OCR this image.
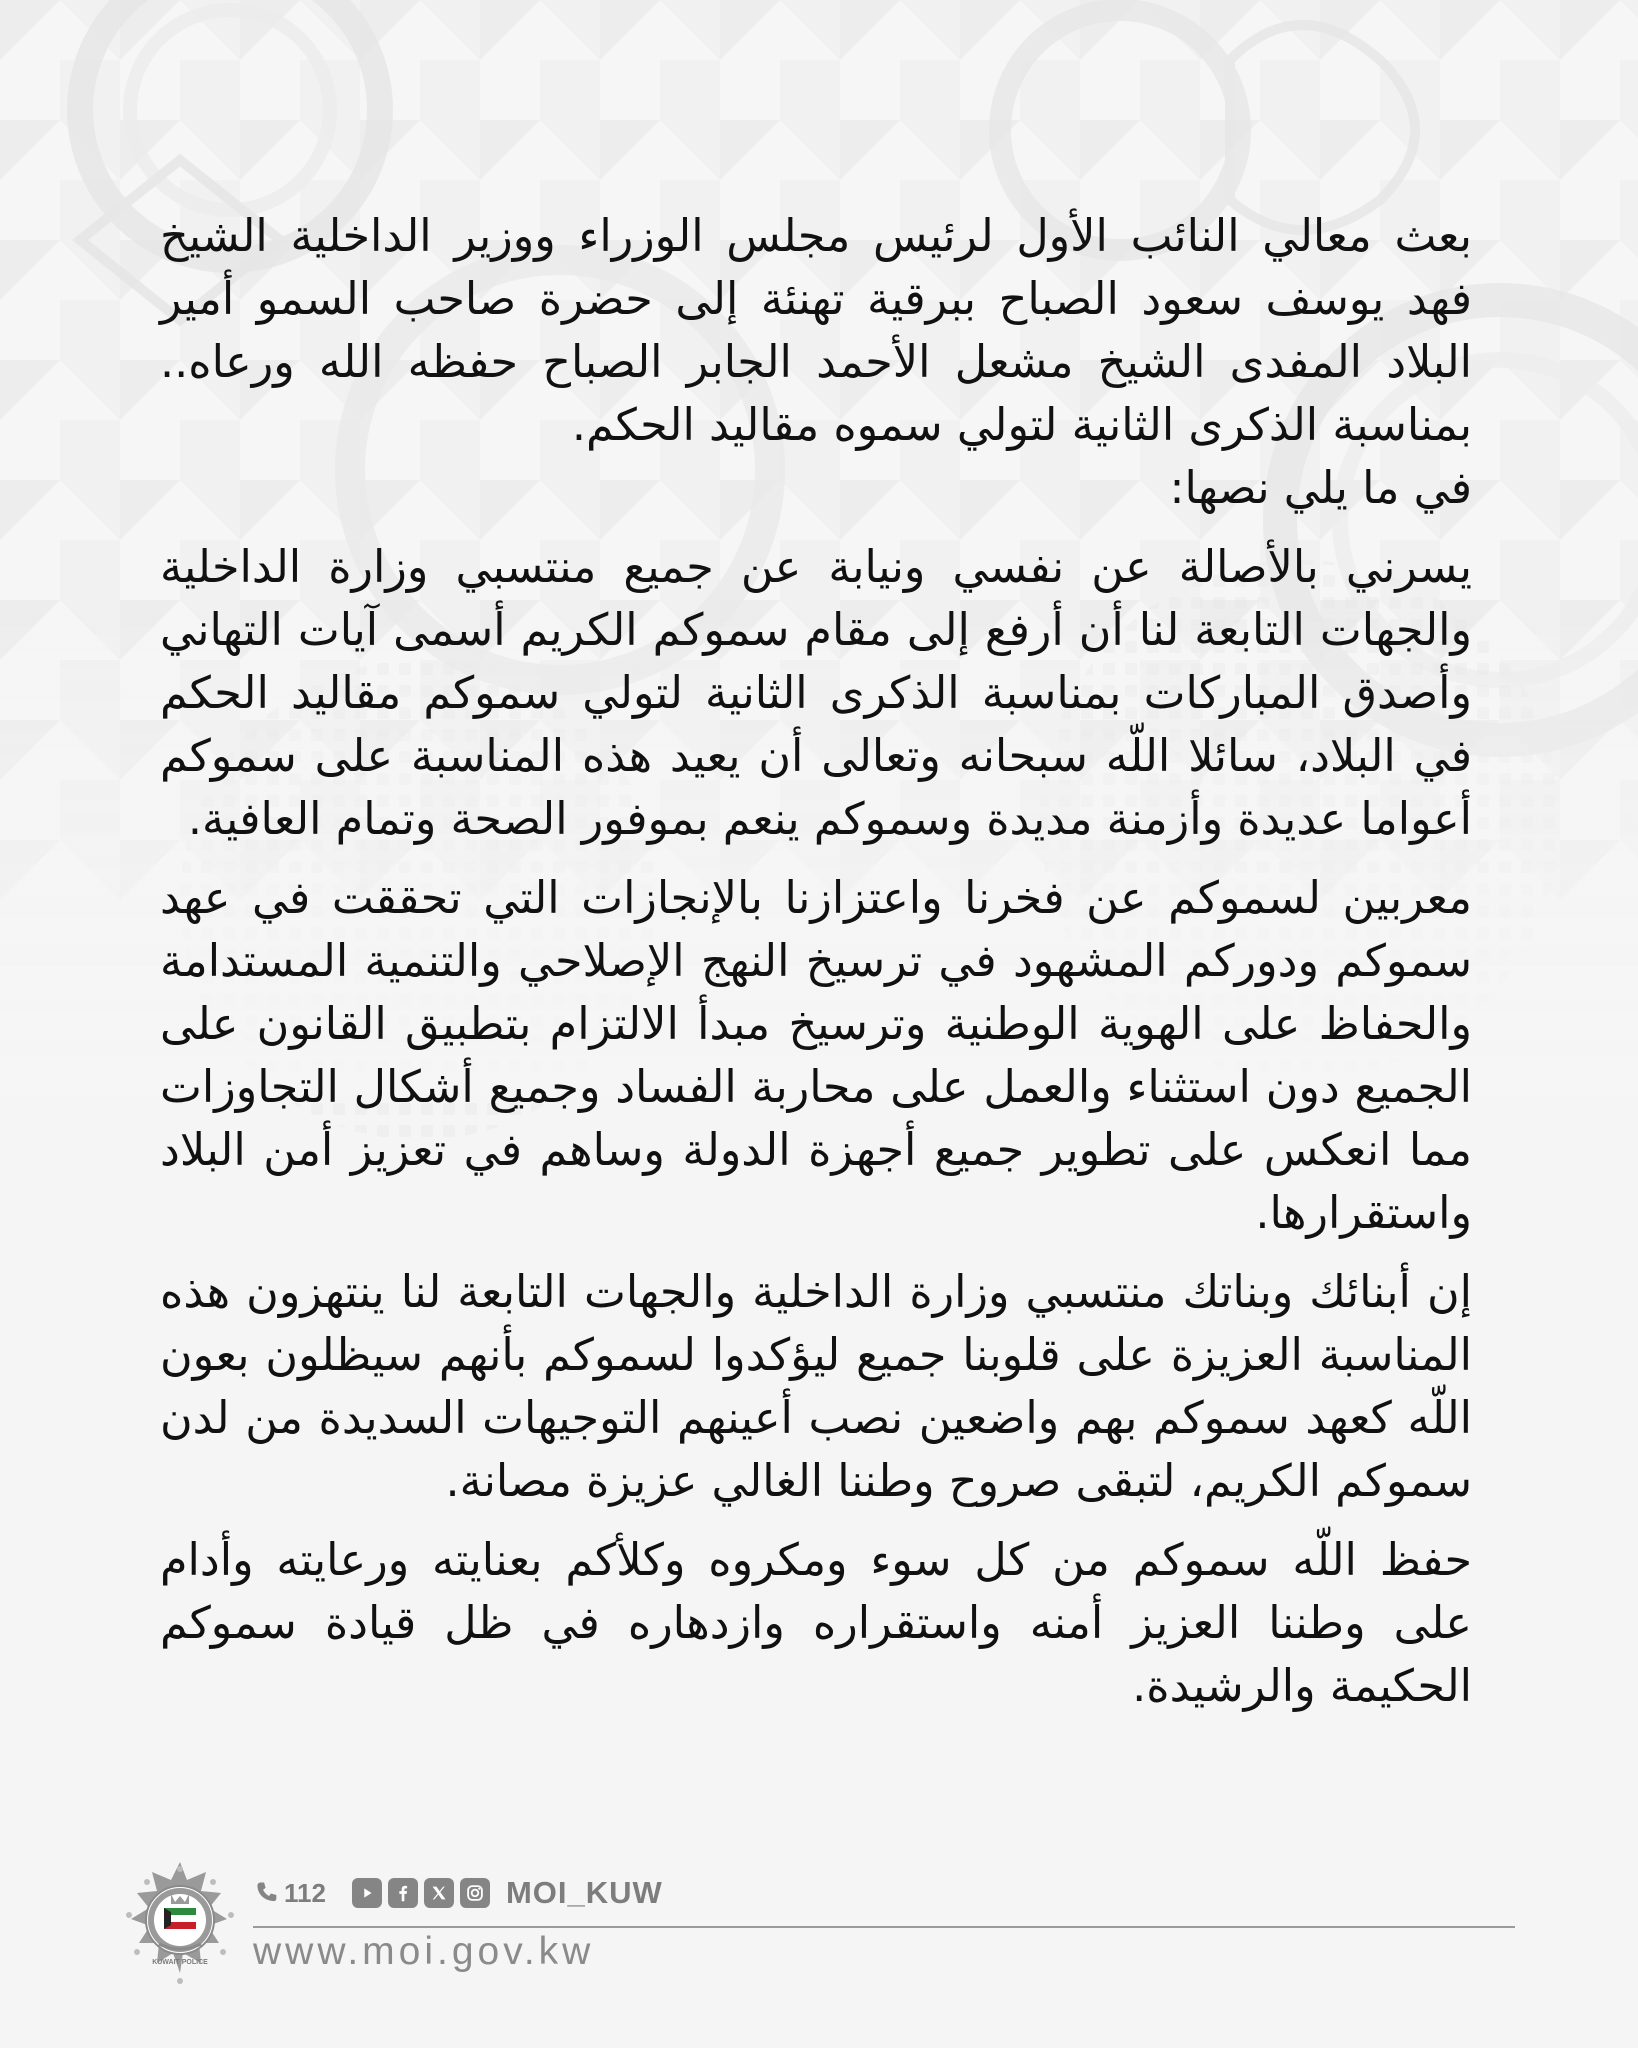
بعث معالي النائب الأول لرئيس مجلس الوزراء ووزير الداخلية الشيخ فهد يوسف سعود الصباح ببرقية تهنئة إلى حضرة صاحب السمو أمير البلاد المفدى الشيخ مشعل الأحمد الجابر الصباح حفظه الله ورعاه.. بمناسبة الذكرى الثانية لتولي سموه مقاليد الحكم.

في ما يلي نصها:

يسرني بالأصالة عن نفسي ونيابة عن جميع منتسبي وزارة الداخلية والجهات التابعة لنا أن أرفع إلى مقام سموكم الكريم أسمى آيات التهاني وأصدق المباركات بمناسبة الذكرى الثانية لتولي سموكم مقاليد الحكم في البلاد، سائلا اللّه سبحانه وتعالى أن يعيد هذه المناسبة على سموكم أعواما عديدة وأزمنة مديدة وسموكم ينعم بموفور الصحة وتمام العافية.

معربين لسموكم عن فخرنا واعتزازنا بالإنجازات التي تحققت في عهد سموكم ودوركم المشهود في ترسيخ النهج الإصلاحي والتنمية المستدامة والحفاظ على الهوية الوطنية وترسيخ مبدأ الالتزام بتطبيق القانون على الجميع دون استثناء والعمل على محاربة الفساد وجميع أشكال التجاوزات مما انعكس على تطوير جميع أجهزة الدولة وساهم في تعزيز أمن البلاد واستقرارها.

إن أبنائك وبناتك منتسبي وزارة الداخلية والجهات التابعة لنا ينتهزون هذه المناسبة العزيزة على قلوبنا جميع ليؤكدوا لسموكم بأنهم سيظلون بعون اللّه كعهد سموكم بهم واضعين نصب أعينهم التوجيهات السديدة من لدن سموكم الكريم، لتبقى صروح وطننا الغالي عزيزة مصانة.

حفظ اللّه سموكم من كل سوء ومكروه وكلأكم بعنايته ورعايته وأدام على وطننا العزيز أمنه واستقراره وازدهاره في ظل قيادة سموكم الحكيمة والرشيدة.

KUWAIT POLICE
112	MOI_KUW
www.moi.gov.kw
